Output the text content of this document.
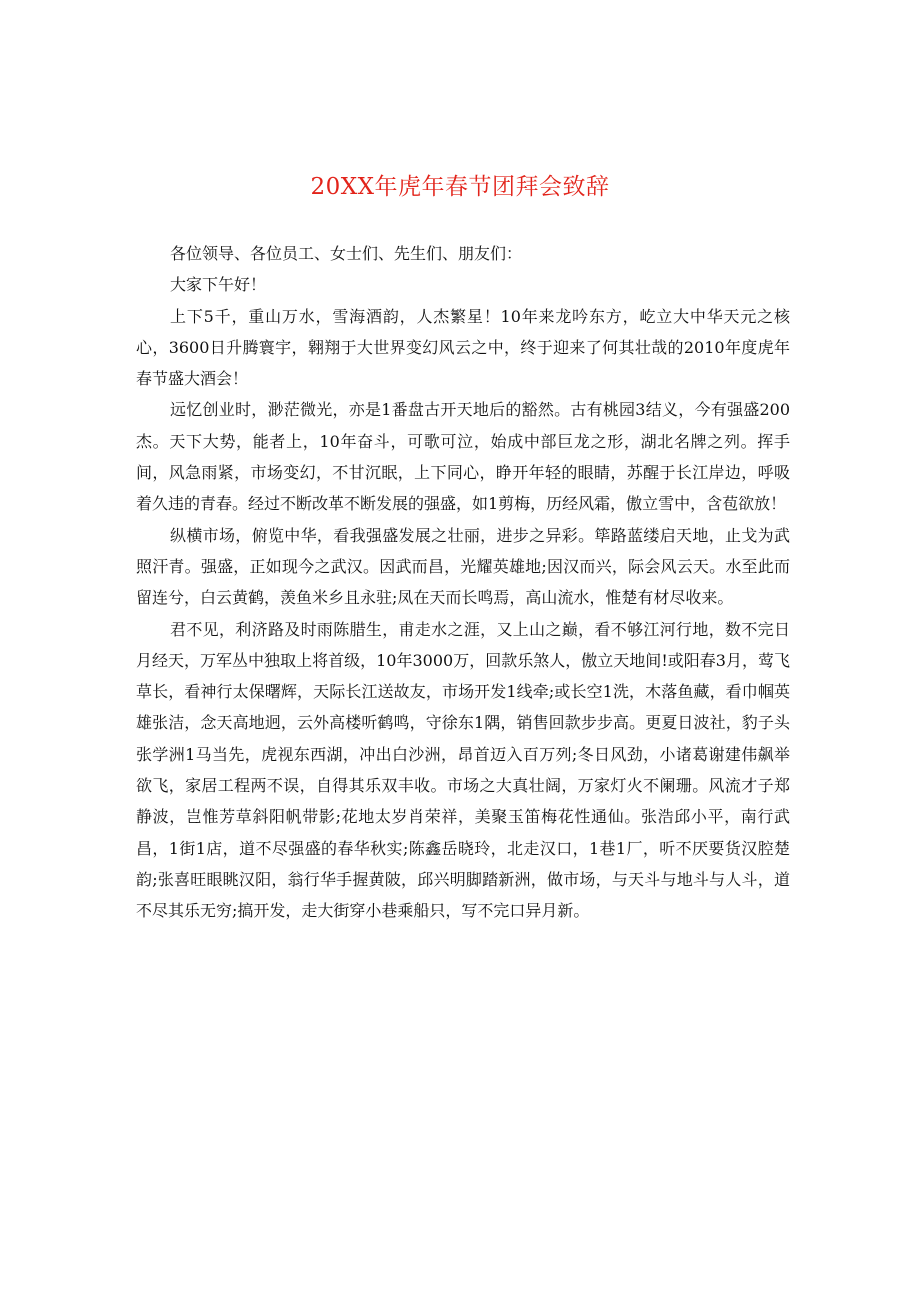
20XX年虎年春节团拜会致辞

各位领导、各位员工、女士们、先生们、朋友们：

大家下午好！

上下5千，重山万水，雪海酒韵，人杰繁星！10年来龙吟东方，屹立大中华天元之核心，3600日升腾寰宇，翱翔于大世界变幻风云之中，终于迎来了何其壮哉的2010年度虎年春节盛大酒会！

远忆创业时，渺茫微光，亦是1番盘古开天地后的豁然。古有桃园3结义，今有强盛200杰。天下大势，能者上，10年奋斗，可歌可泣，始成中部巨龙之形，湖北名牌之列。挥手间，风急雨紧，市场变幻，不甘沉眠，上下同心，睁开年轻的眼睛，苏醒于长江岸边，呼吸着久违的青春。经过不断改革不断发展的强盛，如1剪梅，历经风霜，傲立雪中，含苞欲放！

纵横市场，俯览中华，看我强盛发展之壮丽，进步之异彩。筚路蓝缕启天地，止戈为武照汗青。强盛，正如现今之武汉。因武而昌，光耀英雄地;因汉而兴，际会风云天。水至此而留连兮，白云黄鹤，羡鱼米乡且永驻;凤在天而长鸣焉，高山流水，惟楚有材尽收来。

君不见，利济路及时雨陈腊生，甫走水之涯，又上山之巅，看不够江河行地，数不完日月经天，万军丛中独取上将首级，10年3000万，回款乐煞人，傲立天地间!或阳春3月，莺飞草长，看神行太保曙辉，天际长江送故友，市场开发1线牵;或长空1洗，木落鱼藏，看巾帼英雄张洁，念天高地迥，云外高楼听鹤鸣，守徐东1隅，销售回款步步高。更夏日波社，豹子头张学洲1马当先，虎视东西湖，冲出白沙洲，昂首迈入百万列;冬日风劲，小诸葛谢建伟飙举欲飞，家居工程两不误，自得其乐双丰收。市场之大真壮阔，万家灯火不阑珊。风流才子郑静波，岂惟芳草斜阳帆带影;花地太岁肖荣祥，美聚玉笛梅花性通仙。张浩邱小平，南行武昌，1街1店，道不尽强盛的春华秋实;陈鑫岳晓玲，北走汉口，1巷1厂，听不厌要货汉腔楚韵;张喜旺眼眺汉阳，翁行华手握黄陂，邱兴明脚踏新洲，做市场，与天斗与地斗与人斗，道不尽其乐无穷;搞开发，走大街穿小巷乘船只，写不完口异月新。
